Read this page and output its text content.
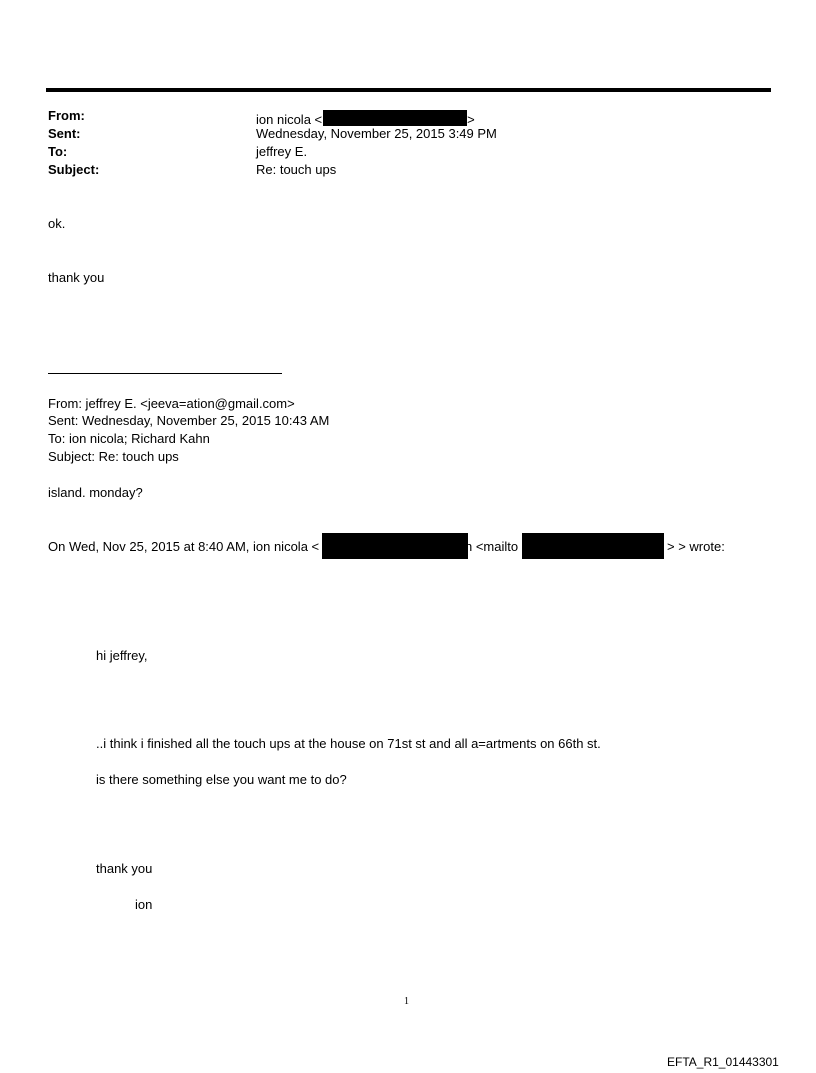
From:	ion nicola <	>
Sent:	Wednesday, November 25, 2015 3:49 PM
To:	jeffrey E.
Subject:	Re: touch ups
ok.
thank you
From: jeffrey E. <jeeva=ation@gmail.com>
Sent: Wednesday, November 25, 2015 10:43 AM
To: ion nicola; Richard Kahn
Subject: Re: touch ups
island. monday?
On Wed, Nov 25, 2015 at 8:40 AM, ion nicola <	n <mailto	> > wrote:
hi jeffrey,
..i think i finished all the touch ups at the house on 71st st and all a=artments on 66th st.
is there something else you want me to do?
thank you
ion
1
EFTA_R1_01443301
